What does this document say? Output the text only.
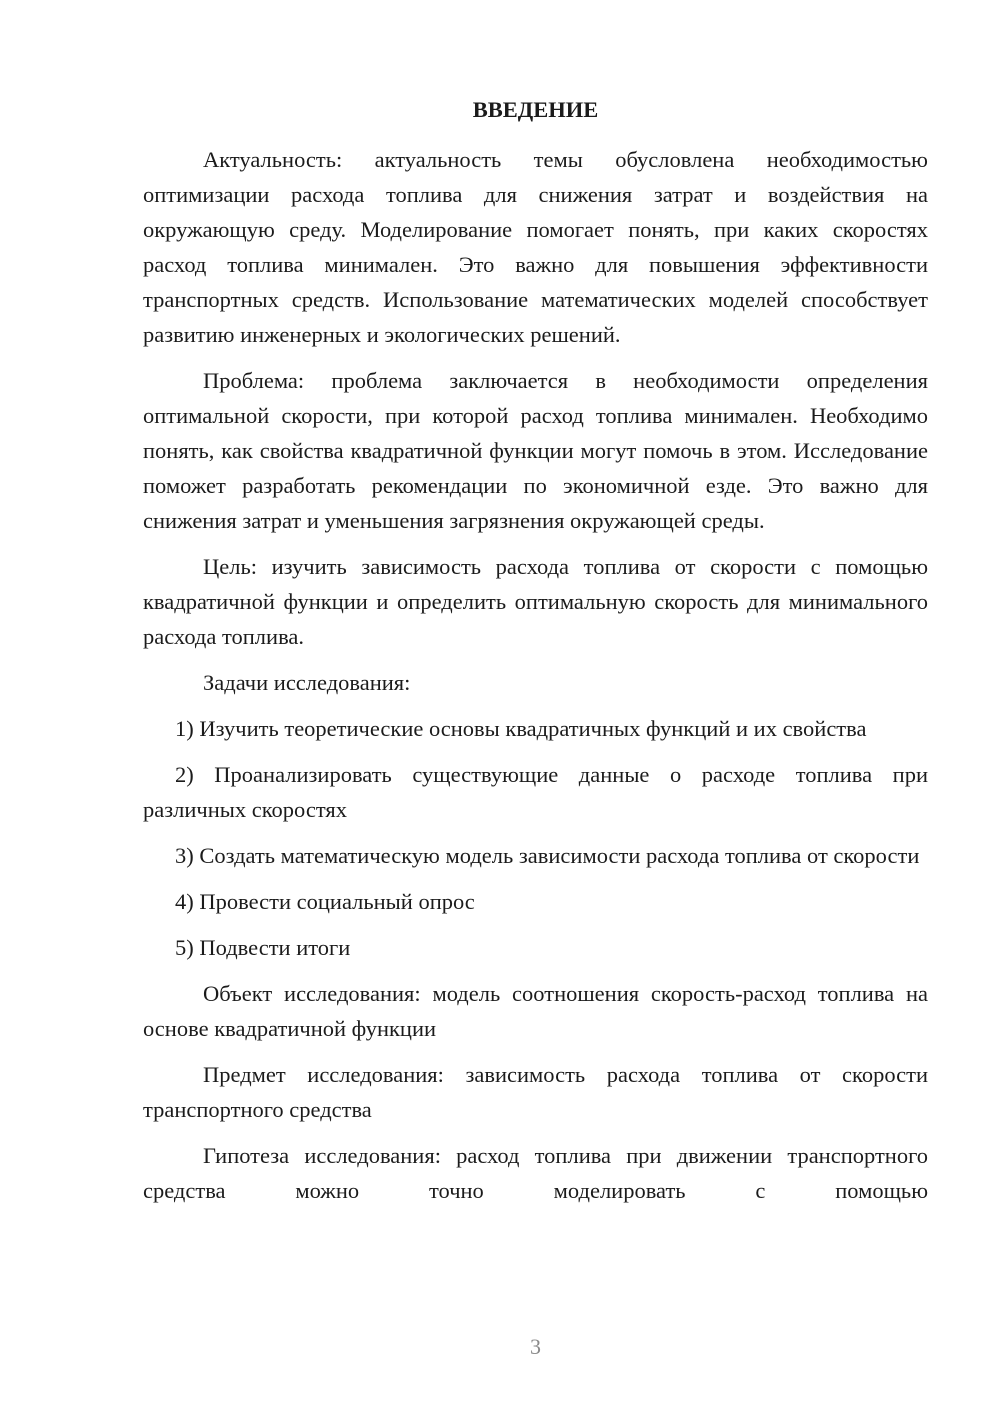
ВВЕДЕНИЕ

Актуальность: актуальность темы обусловлена необходимостью оптимизации расхода топлива для снижения затрат и воздействия на окружающую среду. Моделирование помогает понять, при каких скоростях расход топлива минимален. Это важно для повышения эффективности транспортных средств. Использование математических моделей способствует развитию инженерных и экологических решений.

Проблема: проблема заключается в необходимости определения оптимальной скорости, при которой расход топлива минимален. Необходимо понять, как свойства квадратичной функции могут помочь в этом. Исследование поможет разработать рекомендации по экономичной езде. Это важно для снижения затрат и уменьшения загрязнения окружающей среды.

Цель: изучить зависимость расхода топлива от скорости с помощью квадратичной функции и определить оптимальную скорость для минимального расхода топлива.

Задачи исследования:

1) Изучить теоретические основы квадратичных функций и их свойства

2) Проанализировать существующие данные о расходе топлива при различных скоростях

3) Создать математическую модель зависимости расхода топлива от скорости

4) Провести социальный опрос

5) Подвести итоги

Объект исследования: модель соотношения скорость-расход топлива на основе квадратичной функции

Предмет исследования: зависимость расхода топлива от скорости транспортного средства

Гипотеза исследования: расход топлива при движении транспортного средства можно точно моделировать с помощью

3
